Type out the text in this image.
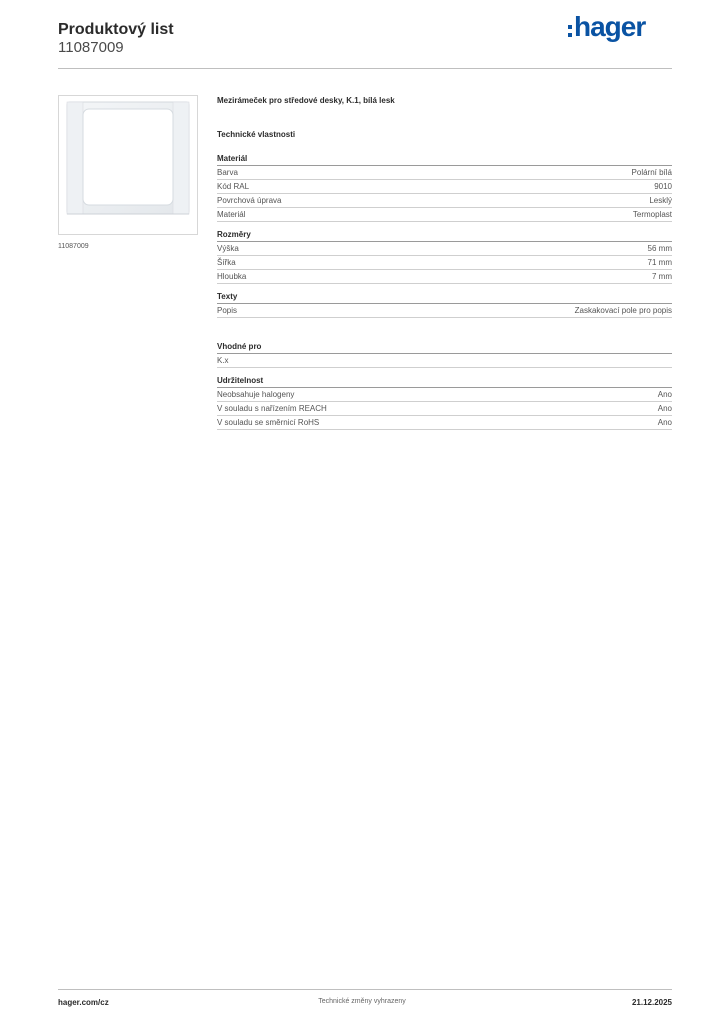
Produktový list
11087009
hager
11087009
Mezirámeček pro středové desky, K.1, bílá lesk
Technické vlastnosti
Materiál
Barva	Polární bílá
Kód RAL	9010
Povrchová úprava	Lesklý
Materiál	Termoplast
Rozměry
Výška	56 mm
Šířka	71 mm
Hloubka	7 mm
Texty
Popis	Zaskakovací pole pro popis
Vhodné pro
K.x
Udržitelnost
Neobsahuje halogeny	Ano
V souladu s nařízením REACH	Ano
V souladu se směrnicí RoHS	Ano
hager.com/cz	Technické změny vyhrazeny	21.12.2025
